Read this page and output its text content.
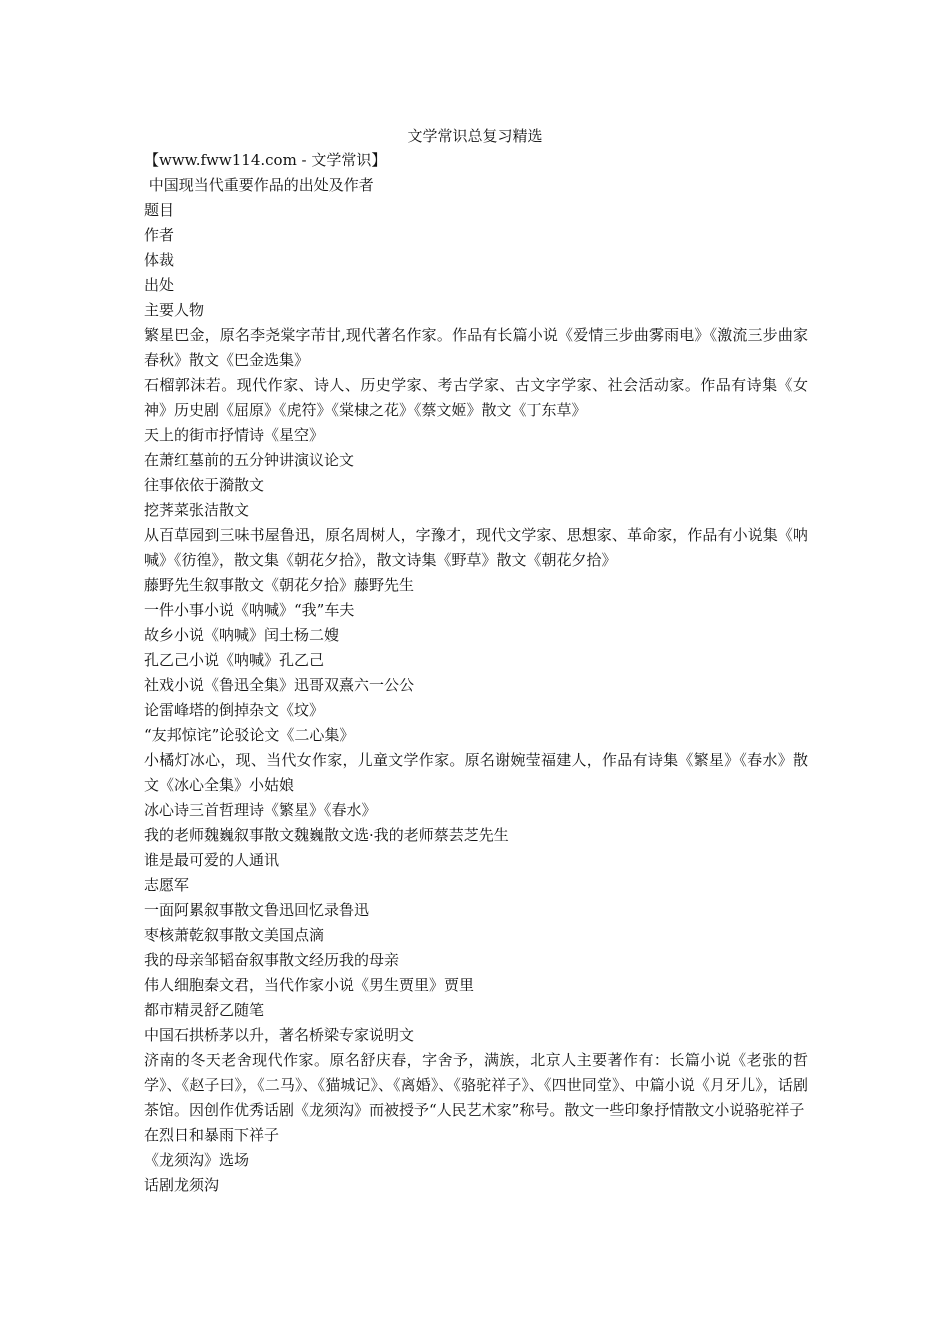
文学常识总复习精选

【www.fww114.com - 文学常识】

中国现当代重要作品的出处及作者

题目

作者

体裁

出处

主要人物

繁星巴金，原名李尧棠字芾甘,现代著名作家。作品有长篇小说《爱情三步曲雾雨电》《激流三步曲家春秋》散文《巴金选集》

石榴郭沫若。现代作家、诗人、历史学家、考古学家、古文字学家、社会活动家。作品有诗集《女神》历史剧《屈原》《虎符》《棠棣之花》《蔡文姬》散文《丁东草》

天上的街市抒情诗《星空》

在萧红墓前的五分钟讲演议论文

往事依依于漪散文

挖荠菜张洁散文

从百草园到三味书屋鲁迅，原名周树人，字豫才，现代文学家、思想家、革命家，作品有小说集《呐喊》《彷徨》，散文集《朝花夕拾》，散文诗集《野草》散文《朝花夕拾》

藤野先生叙事散文《朝花夕拾》藤野先生

一件小事小说《呐喊》“我”车夫

故乡小说《呐喊》闰土杨二嫂

孔乙己小说《呐喊》孔乙己

社戏小说《鲁迅全集》迅哥双熹六一公公

论雷峰塔的倒掉杂文《坟》

“友邦惊诧”论驳论文《二心集》

小橘灯冰心，现、当代女作家，儿童文学作家。原名谢婉莹福建人，作品有诗集《繁星》《春水》散文《冰心全集》小姑娘

冰心诗三首哲理诗《繁星》《春水》

我的老师魏巍叙事散文魏巍散文选·我的老师蔡芸芝先生

谁是最可爱的人通讯

志愿军

一面阿累叙事散文鲁迅回忆录鲁迅

枣核萧乾叙事散文美国点滴

我的母亲邹韬奋叙事散文经历我的母亲

伟人细胞秦文君，当代作家小说《男生贾里》贾里

都市精灵舒乙随笔

中国石拱桥茅以升，著名桥梁专家说明文

济南的冬天老舍现代作家。原名舒庆春，字舍予，满族，北京人主要著作有：长篇小说《老张的哲学》、《赵子曰》，《二马》、《猫城记》、《离婚》、《骆驼祥子》、《四世同堂》、中篇小说《月牙儿》，话剧茶馆。因创作优秀话剧《龙须沟》而被授予“人民艺术家”称号。散文一些印象抒情散文小说骆驼祥子

在烈日和暴雨下祥子

《龙须沟》选场

话剧龙须沟
